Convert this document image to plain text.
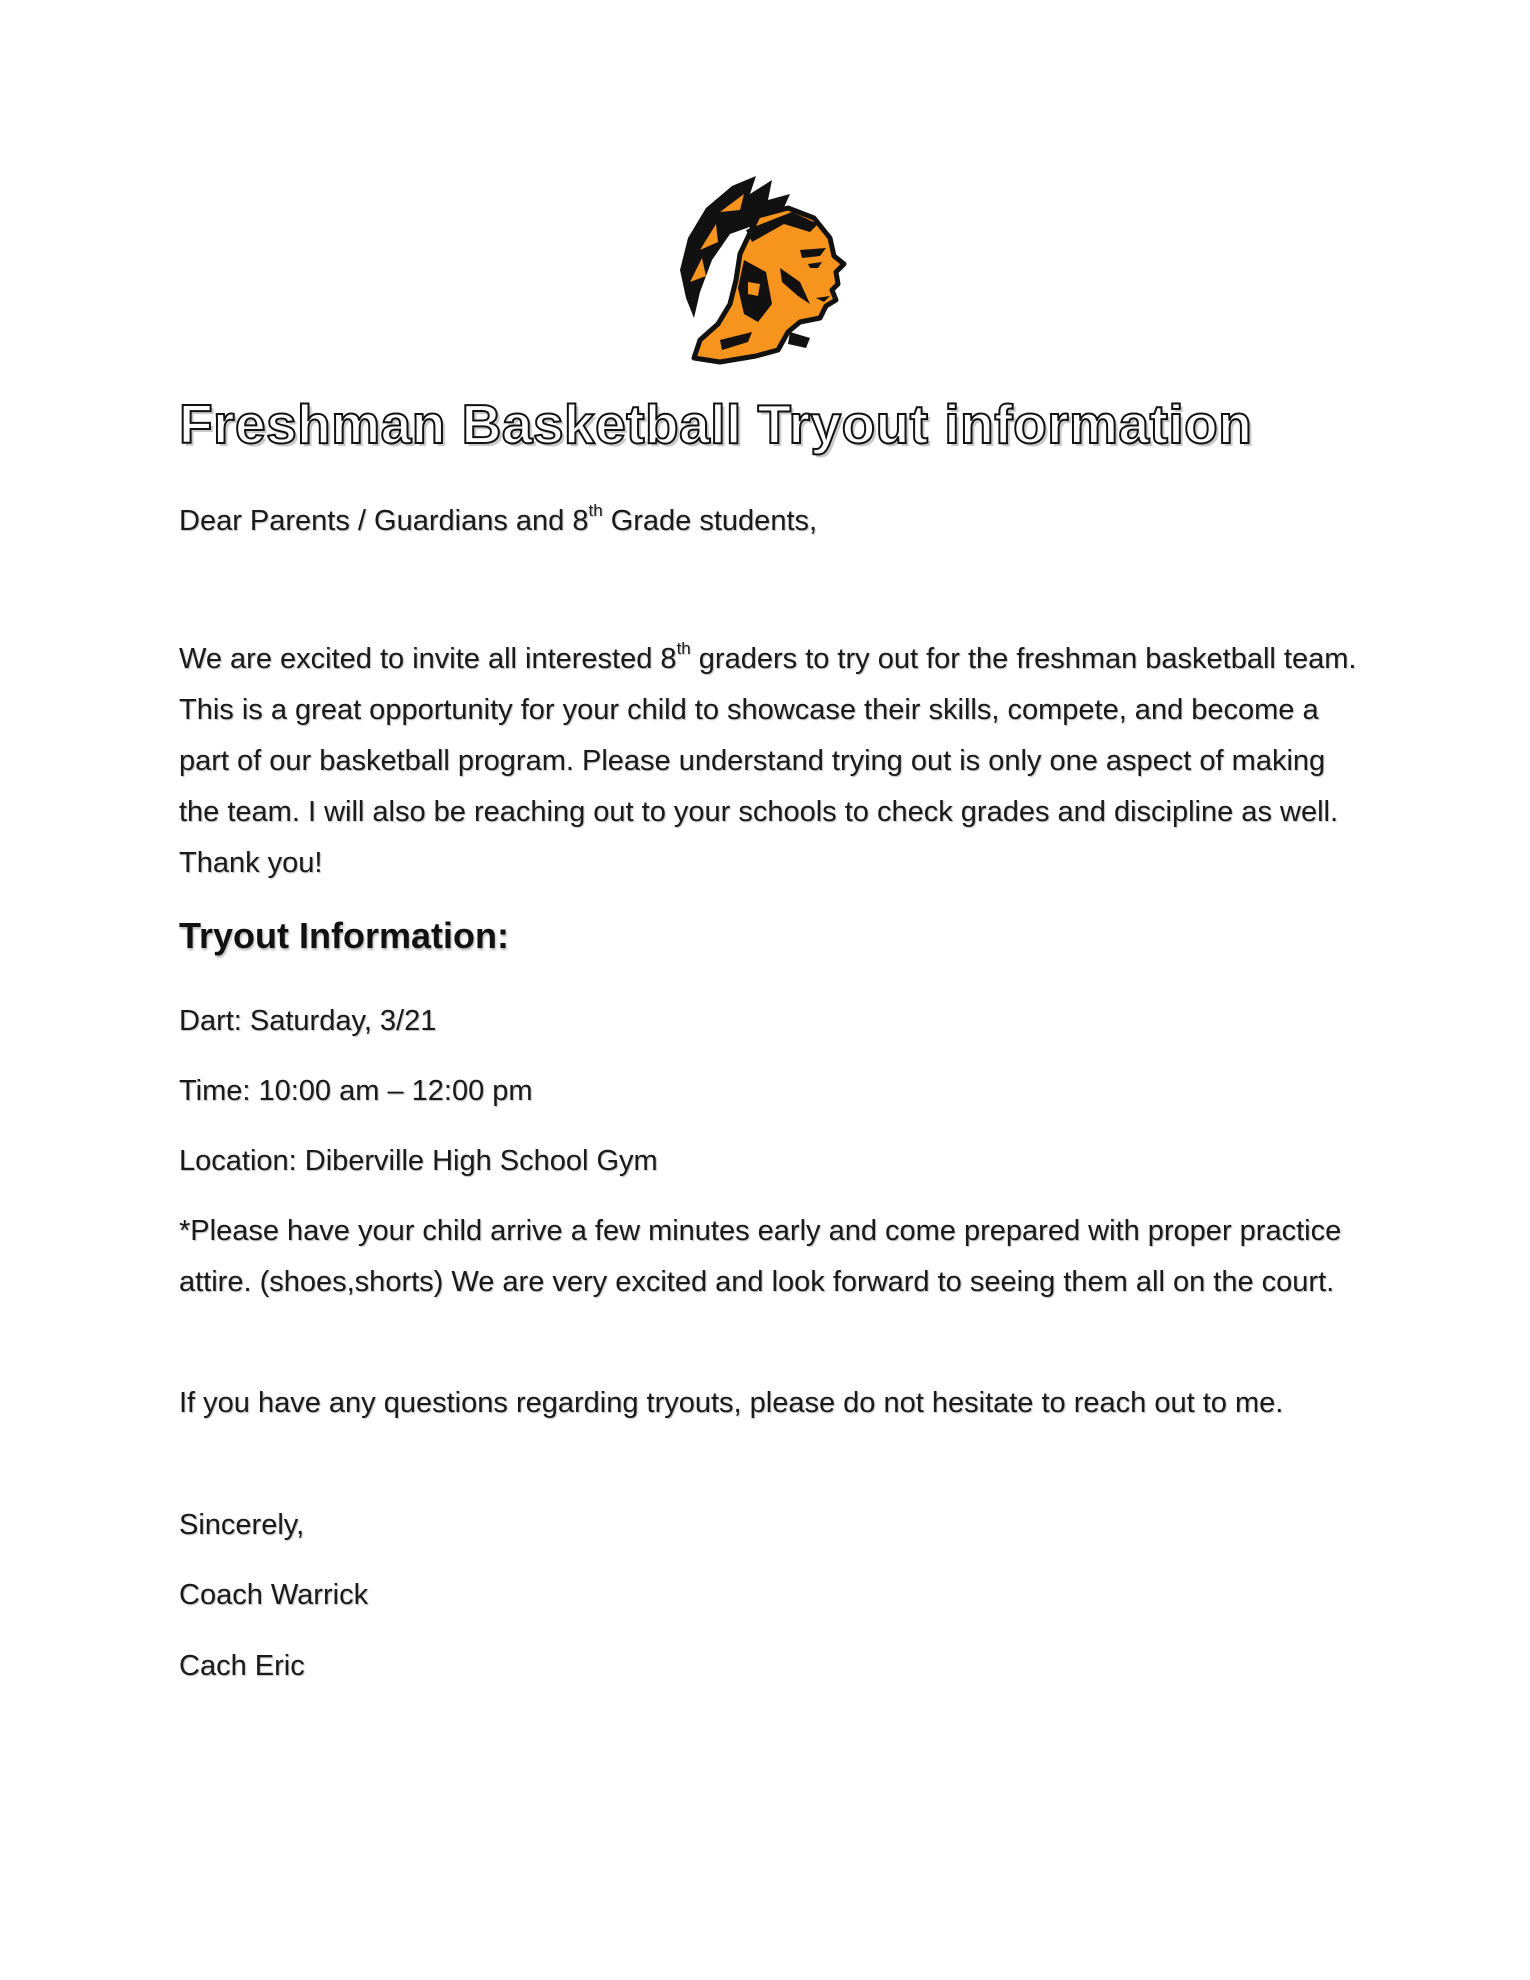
Freshman Basketball Tryout information

Dear Parents / Guardians and 8th Grade students,

We are excited to invite all interested 8th graders to try out for the freshman basketball team. This is a great opportunity for your child to showcase their skills, compete, and become a part of our basketball program. Please understand trying out is only one aspect of making the team. I will also be reaching out to your schools to check grades and discipline as well. Thank you!

Tryout Information:

Dart: Saturday, 3/21

Time: 10:00 am – 12:00 pm

Location: Diberville High School Gym

*Please have your child arrive a few minutes early and come prepared with proper practice attire. (shoes,shorts) We are very excited and look forward to seeing them all on the court.

If you have any questions regarding tryouts, please do not hesitate to reach out to me.

Sincerely,

Coach Warrick

Cach Eric
